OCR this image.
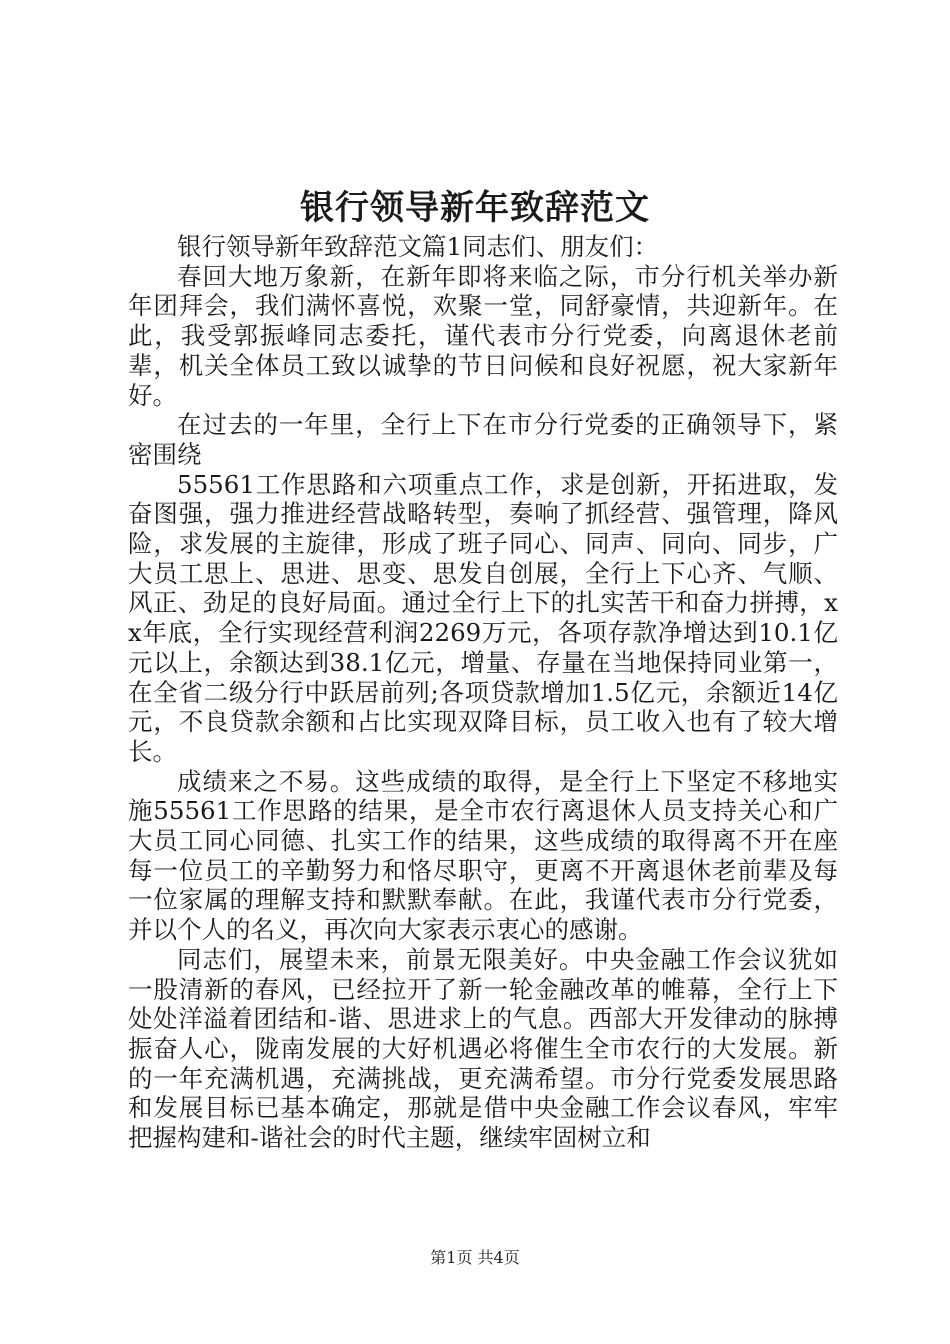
银行领导新年致辞范文

银行领导新年致辞范文篇1同志们、朋友们：

春回大地万象新，在新年即将来临之际，市分行机关举办新年团拜会，我们满怀喜悦，欢聚一堂，同舒豪情，共迎新年。在此，我受郭振峰同志委托，谨代表市分行党委，向离退休老前辈，机关全体员工致以诚挚的节日问候和良好祝愿，祝大家新年好。

在过去的一年里，全行上下在市分行党委的正确领导下，紧密围绕

55561工作思路和六项重点工作，求是创新，开拓进取，发奋图强，强力推进经营战略转型，奏响了抓经营、强管理，降风险，求发展的主旋律，形成了班子同心、同声、同向、同步，广大员工思上、思进、思变、思发自创展，全行上下心齐、气顺、风正、劲足的良好局面。通过全行上下的扎实苦干和奋力拼搏，xx年底，全行实现经营利润2269万元，各项存款净增达到10.1亿元以上，余额达到38.1亿元，增量、存量在当地保持同业第一，在全省二级分行中跃居前列;各项贷款增加1.5亿元，余额近14亿元，不良贷款余额和占比实现双降目标，员工收入也有了较大增长。

成绩来之不易。这些成绩的取得，是全行上下坚定不移地实施55561工作思路的结果，是全市农行离退休人员支持关心和广大员工同心同德、扎实工作的结果，这些成绩的取得离不开在座每一位员工的辛勤努力和恪尽职守，更离不开离退休老前辈及每一位家属的理解支持和默默奉献。在此，我谨代表市分行党委，并以个人的名义，再次向大家表示衷心的感谢。

同志们，展望未来，前景无限美好。中央金融工作会议犹如一股清新的春风，已经拉开了新一轮金融改革的帷幕，全行上下处处洋溢着团结和-谐、思进求上的气息。西部大开发律动的脉搏振奋人心，陇南发展的大好机遇必将催生全市农行的大发展。新的一年充满机遇，充满挑战，更充满希望。市分行党委发展思路和发展目标已基本确定，那就是借中央金融工作会议春风，牢牢把握构建和-谐社会的时代主题，继续牢固树立和

第1页 共4页
